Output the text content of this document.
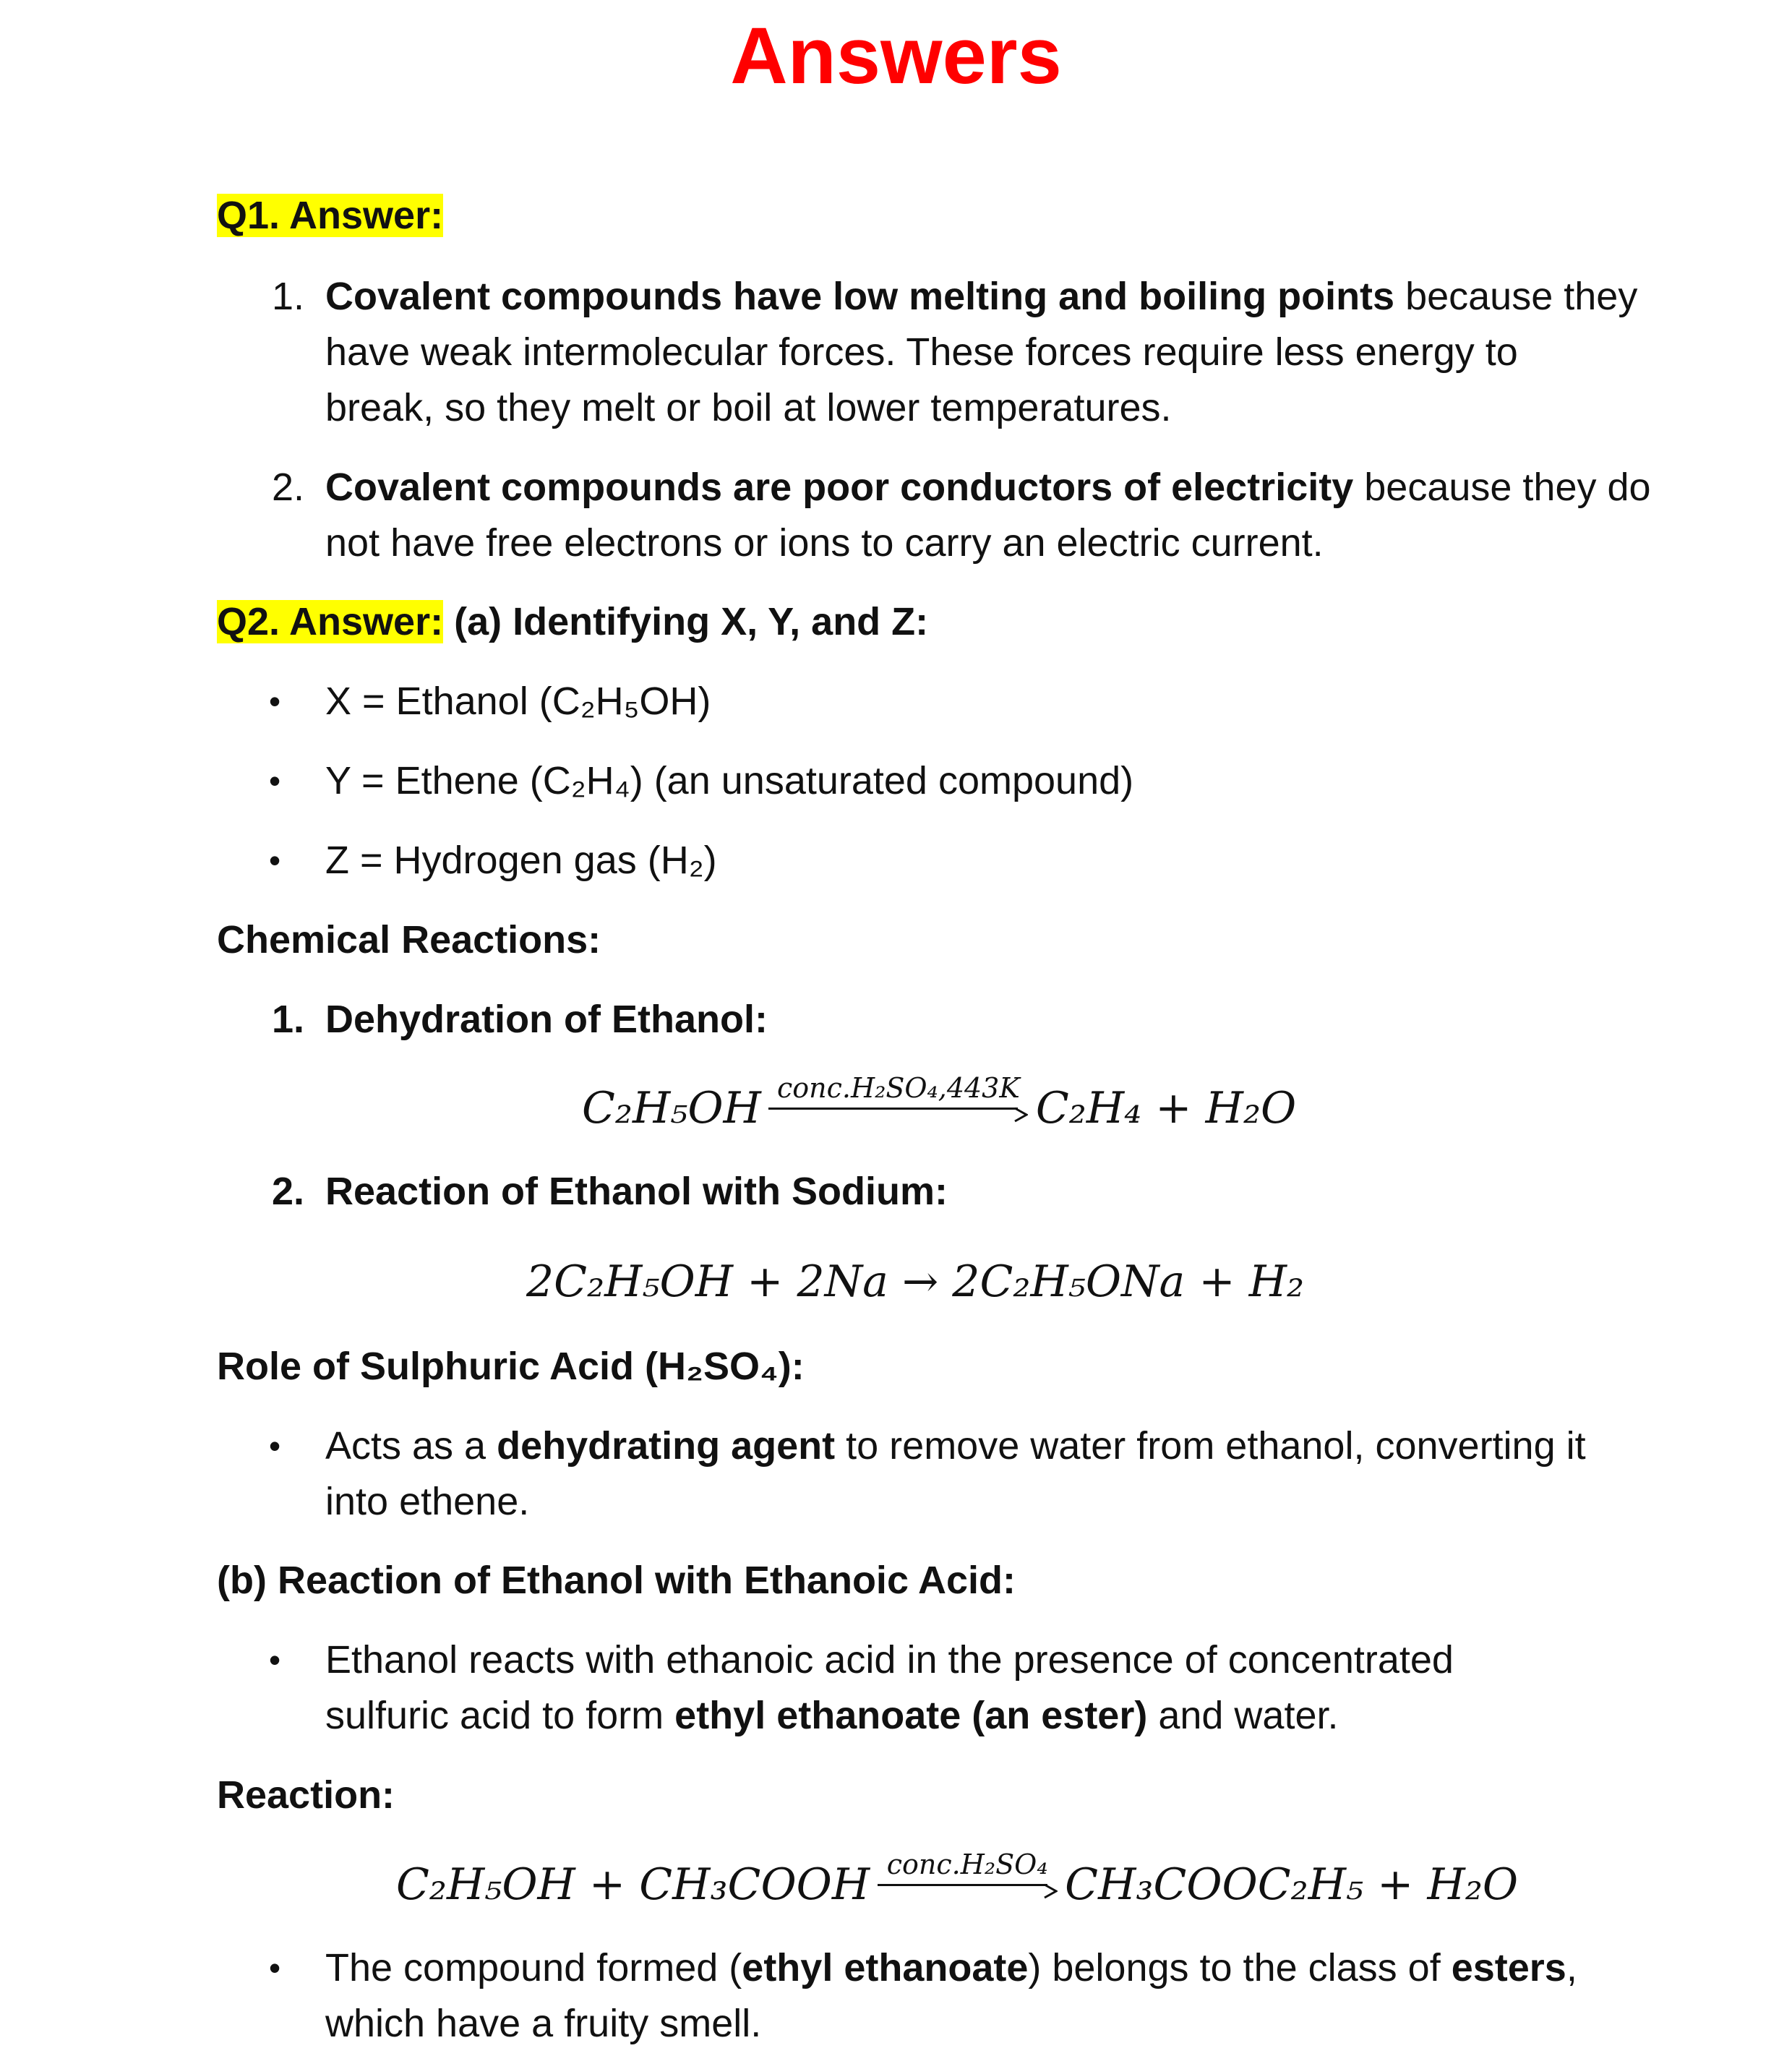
Answers
Q1. Answer:
1. Covalent compounds have low melting and boiling points because they
have weak intermolecular forces. These forces require less energy to
break, so they melt or boil at lower temperatures.
2. Covalent compounds are poor conductors of electricity because they do
not have free electrons or ions to carry an electric current.
Q2. Answer: (a) Identifying X, Y, and Z:
• X = Ethanol (C₂H₅OH)
• Y = Ethene (C₂H₄) (an unsaturated compound)
• Z = Hydrogen gas (H₂)
Chemical Reactions:
1. Dehydration of Ethanol:
C₂H₅OH conc.H₂SO₄,443K C₂H₄ + H₂O
2. Reaction of Ethanol with Sodium:
2C₂H₅OH + 2Na → 2C₂H₅ONa + H₂
Role of Sulphuric Acid (H₂SO₄):
• Acts as a dehydrating agent to remove water from ethanol, converting it
into ethene.
(b) Reaction of Ethanol with Ethanoic Acid:
• Ethanol reacts with ethanoic acid in the presence of concentrated
sulfuric acid to form ethyl ethanoate (an ester) and water.
Reaction:
C₂H₅OH + CH₃COOH conc.H₂SO₄ CH₃COOC₂H₅ + H₂O
• The compound formed (ethyl ethanoate) belongs to the class of esters,
which have a fruity smell.
